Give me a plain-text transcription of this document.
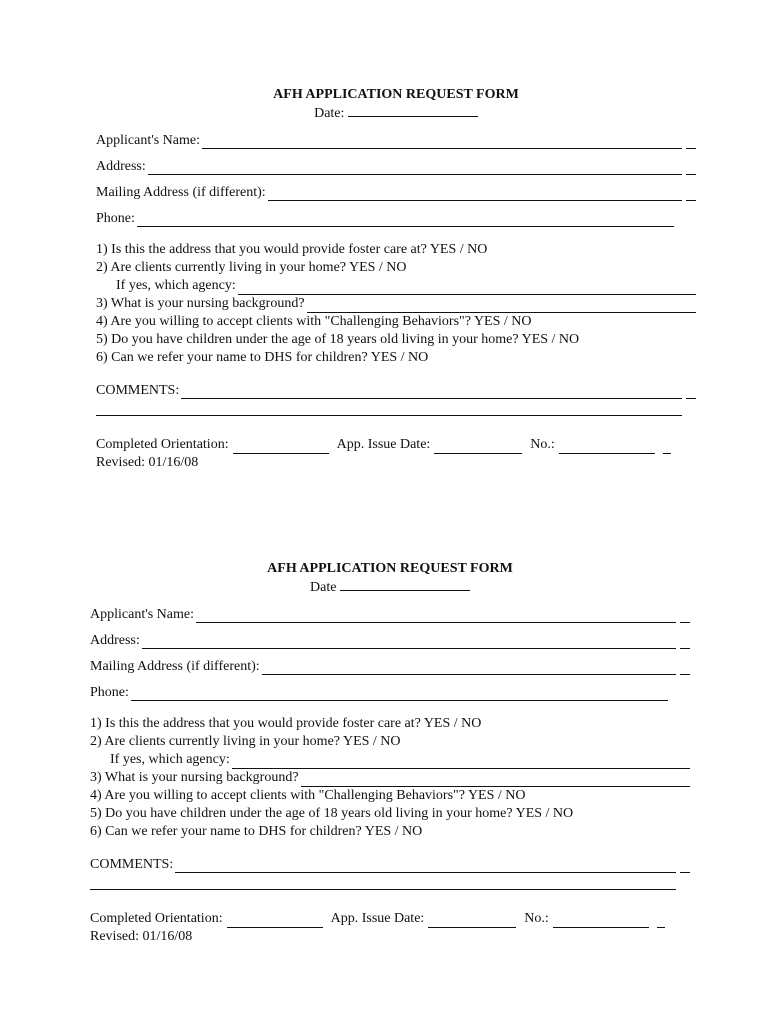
AFH APPLICATION REQUEST FORM
Date:
Applicant's Name:
Address:
Mailing Address (if different):
Phone:
1) Is this the address that you would provide foster care at? YES / NO
2) Are clients currently living in your home? YES / NO
If yes, which agency:
3) What is your nursing background?
4) Are you willing to accept clients with "Challenging Behaviors"? YES / NO
5) Do you have children under the age of 18 years old living in your home? YES / NO
6) Can we refer your name to DHS for children? YES / NO
COMMENTS:
Completed Orientation:	App. Issue Date:	No.:
Revised: 01/16/08
AFH APPLICATION REQUEST FORM
Date
Applicant's Name:
Address:
Mailing Address (if different):
Phone:
1) Is this the address that you would provide foster care at? YES / NO
2) Are clients currently living in your home? YES / NO
If yes, which agency:
3) What is your nursing background?
4) Are you willing to accept clients with "Challenging Behaviors"? YES / NO
5) Do you have children under the age of 18 years old living in your home? YES / NO
6) Can we refer your name to DHS for children? YES / NO
COMMENTS:
Completed Orientation:	App. Issue Date:	No.:
Revised: 01/16/08
